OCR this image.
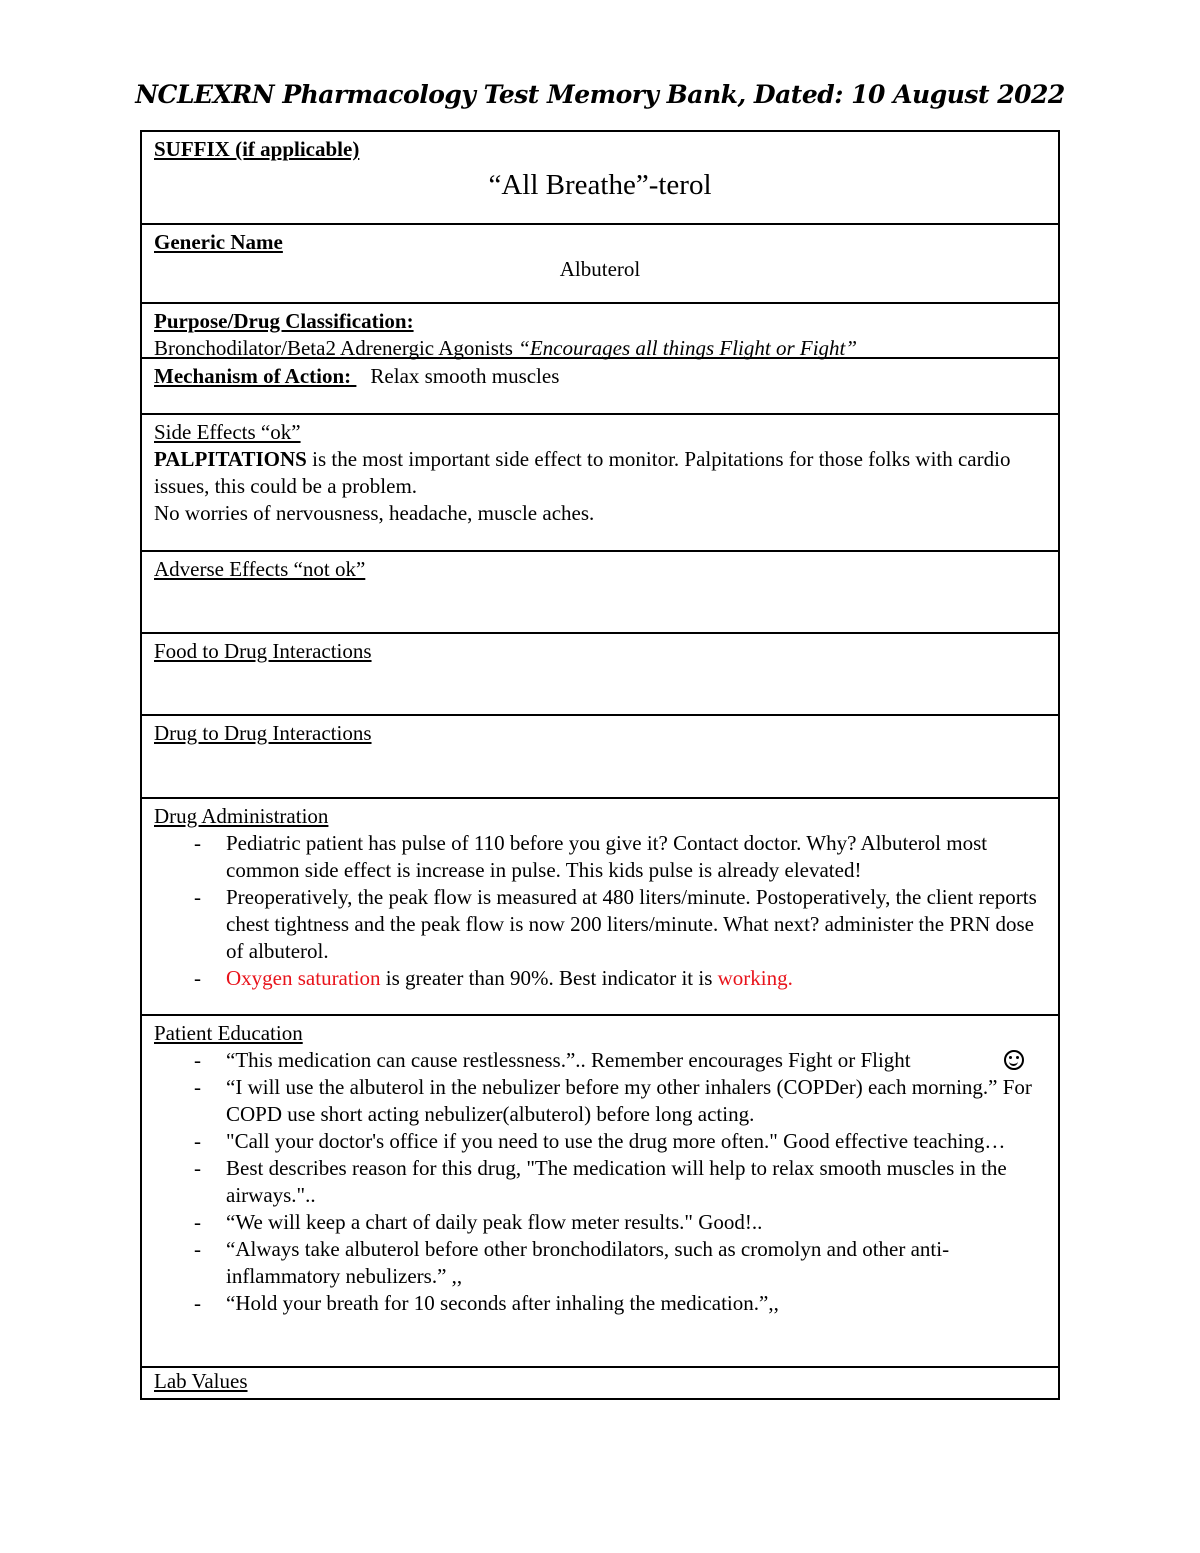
NCLEXRN Pharmacology Test Memory Bank, Dated: 10 August 2022
SUFFIX (if applicable)
“All Breathe”-terol
Generic Name
Albuterol
Purpose/Drug Classification:
Bronchodilator/Beta2 Adrenergic Agonists “Encourages all things Flight or Fight”
Mechanism of Action: Relax smooth muscles
Side Effects “ok”
PALPITATIONS is the most important side effect to monitor. Palpitations for those folks with cardio issues, this could be a problem.
No worries of nervousness, headache, muscle aches.
Adverse Effects “not ok”
Food to Drug Interactions
Drug to Drug Interactions
Drug Administration
- Pediatric patient has pulse of 110 before you give it? Contact doctor. Why? Albuterol most common side effect is increase in pulse. This kids pulse is already elevated!
- Preoperatively, the peak flow is measured at 480 liters/minute. Postoperatively, the client reports chest tightness and the peak flow is now 200 liters/minute. What next? administer the PRN dose of albuterol.
- Oxygen saturation is greater than 90%. Best indicator it is working.
Patient Education
- “This medication can cause restlessness.”.. Remember encourages Fight or Flight
- “I will use the albuterol in the nebulizer before my other inhalers (COPDer) each morning.” For COPD use short acting nebulizer(albuterol) before long acting.
- "Call your doctor's office if you need to use the drug more often." Good effective teaching…
- Best describes reason for this drug, "The medication will help to relax smooth muscles in the airways."..
- “We will keep a chart of daily peak flow meter results." Good!..
- “Always take albuterol before other bronchodilators, such as cromolyn and other anti-inflammatory nebulizers.” ,,
- “Hold your breath for 10 seconds after inhaling the medication.”,,
Lab Values
